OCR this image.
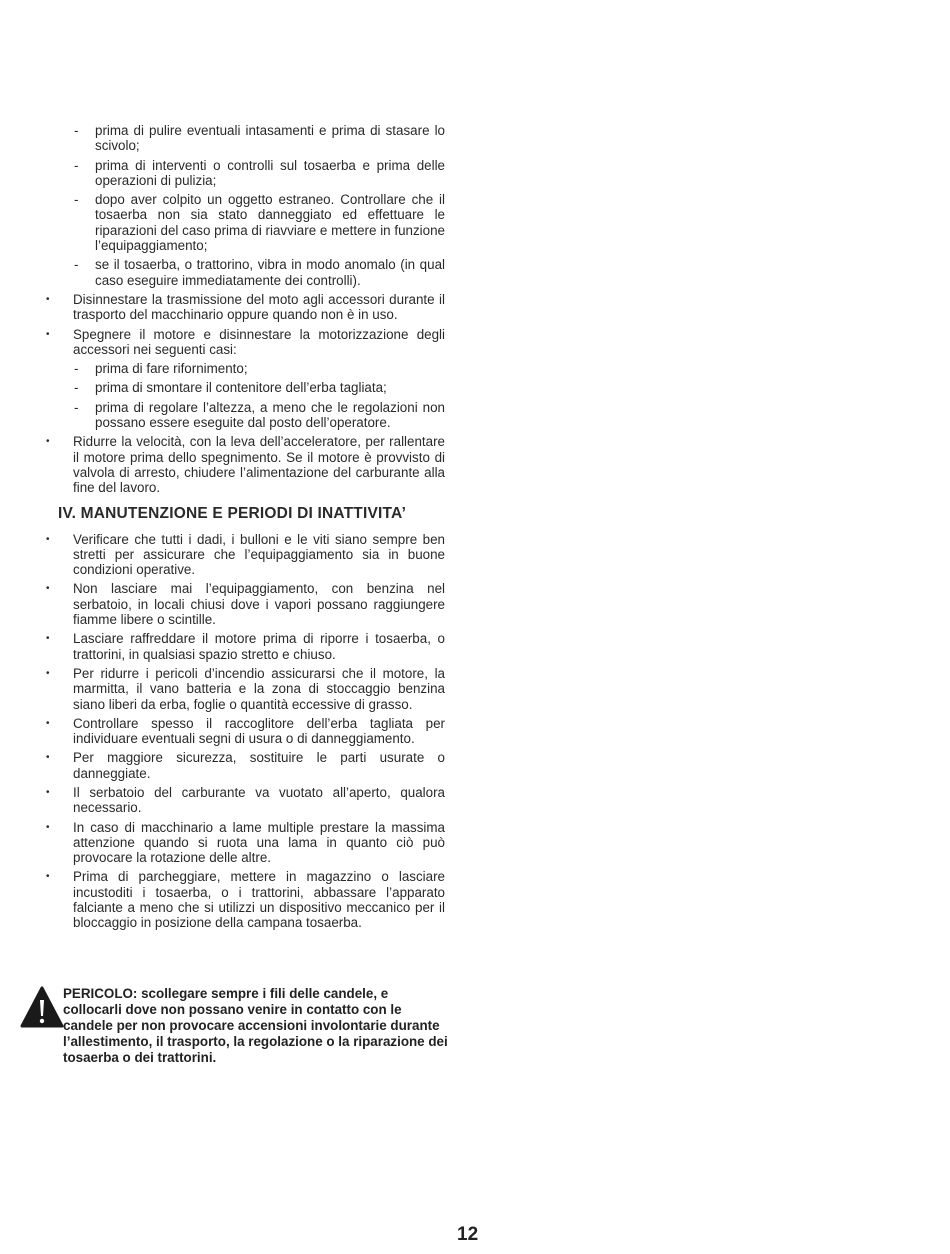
- prima di pulire eventuali intasamenti e prima di stasare lo scivolo;
- prima di interventi o controlli sul tosaerba e prima delle operazioni di pulizia;
- dopo aver colpito un oggetto estraneo. Controllare che il tosaerba non sia stato danneggiato ed effettuare le riparazioni del caso prima di riavviare e mettere in funzione l’equipaggiamento;
- se il tosaerba, o trattorino, vibra in modo anomalo (in qual caso eseguire immediatamente dei controlli).
• Disinnestare la trasmissione del moto agli accessori durante il trasporto del macchinario oppure quando non è in uso.
• Spegnere il motore e disinnestare la motorizzazione degli accessori nei seguenti casi:
- prima di fare rifornimento;
- prima di smontare il contenitore dell’erba tagliata;
- prima di regolare l’altezza, a meno che le regolazioni non possano essere eseguite dal posto dell’operatore.
• Ridurre la velocità, con la leva dell’acceleratore, per rallentare il motore prima dello spegnimento. Se il motore è provvisto di valvola di arresto, chiudere l’alimentazione del carburante alla fine del lavoro.
IV. MANUTENZIONE E PERIODI DI INATTIVITA’
• Verificare che tutti i dadi, i bulloni e le viti siano sempre ben stretti per assicurare che l’equipaggiamento sia in buone condizioni operative.
• Non lasciare mai l’equipaggiamento, con benzina nel serbatoio, in locali chiusi dove i vapori possano raggiungere fiamme libere o scintille.
• Lasciare raffreddare il motore prima di riporre i tosaerba, o trattorini, in qualsiasi spazio stretto e chiuso.
• Per ridurre i pericoli d’incendio assicurarsi che il motore, la marmitta, il vano batteria e la zona di stoccaggio benzina siano liberi da erba, foglie o quantità eccessive di grasso.
• Controllare spesso il raccoglitore dell’erba tagliata per individuare eventuali segni di usura o di danneggiamento.
• Per maggiore sicurezza, sostituire le parti usurate o danneggiate.
• Il serbatoio del carburante va vuotato all’aperto, qualora necessario.
• In caso di macchinario a lame multiple prestare la massima attenzione quando si ruota una lama in quanto ciò può provocare la rotazione delle altre.
• Prima di parcheggiare, mettere in magazzino o lasciare incustoditi i tosaerba, o i trattorini, abbassare l’apparato falciante a meno che si utilizzi un dispositivo meccanico per il bloccaggio in posizione della campana tosaerba.
PERICOLO: scollegare sempre i fili delle candele, e collocarli dove non possano venire in contatto con le candele per non provocare accensioni involontarie durante l’allestimento, il trasporto, la regolazione o la riparazione dei tosaerba o dei trattorini.
12
